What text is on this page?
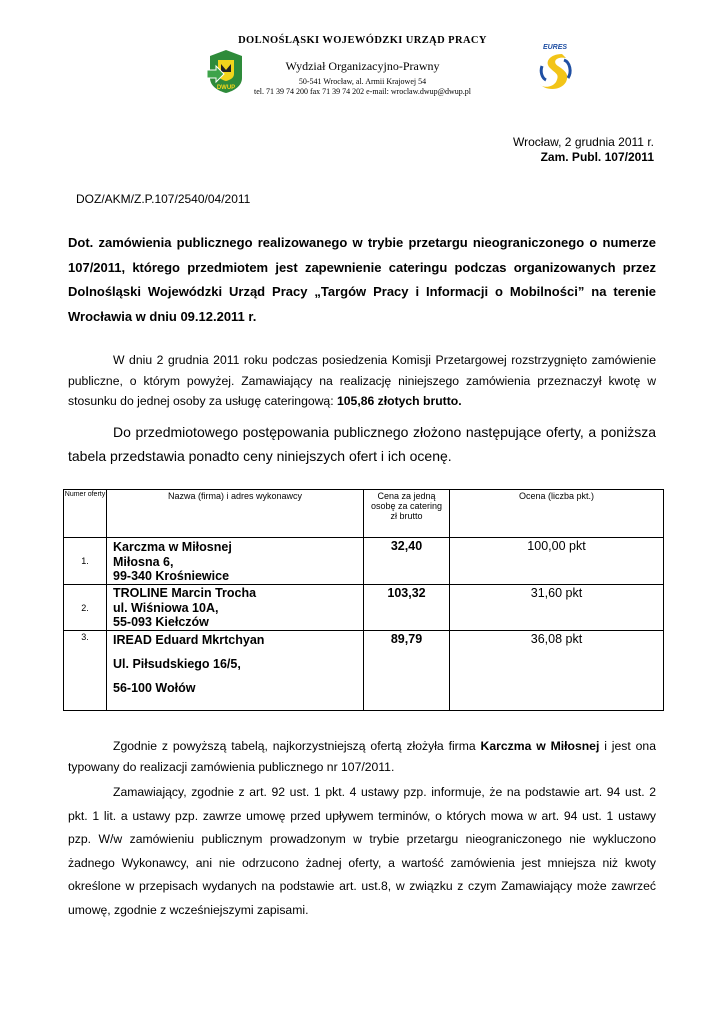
DOLNOŚLĄSKI WOJEWÓDZKI URZĄD PRACY
DWUP
Wydział Organizacyjno-Prawny
50-541 Wrocław, al. Armii Krajowej 54
tel. 71 39 74 200 fax 71 39 74 202 e-mail: wroclaw.dwup@dwup.pl
EURES
Wrocław, 2 grudnia 2011 r.
Zam. Publ. 107/2011
DOZ/AKM/Z.P.107/2540/04/2011
Dot. zamówienia publicznego realizowanego w trybie przetargu nieograniczonego o numerze 107/2011, którego przedmiotem jest zapewnienie cateringu podczas organizowanych przez Dolnośląski Wojewódzki Urząd Pracy „Targów Pracy i Informacji o Mobilności” na terenie Wrocławia w dniu 09.12.2011 r.
W dniu 2 grudnia 2011 roku podczas posiedzenia Komisji Przetargowej rozstrzygnięto zamówienie publiczne, o którym powyżej. Zamawiający na realizację niniejszego zamówienia przeznaczył kwotę w stosunku do jednej osoby za usługę cateringową: 105,86 złotych brutto.
Do przedmiotowego postępowania publicznego złożono następujące oferty, a poniższa tabela przedstawia ponadto ceny niniejszych ofert i ich ocenę.
Numer oferty	Nazwa (firma) i adres wykonawcy	Cena za jedną osobę za catering zł brutto	Ocena (liczba pkt.)
1.	Karczma w Miłosnej
Miłosna 6,
99-340 Krośniewice	32,40	100,00 pkt
2.	TROLINE Marcin Trocha
ul. Wiśniowa 10A,
55-093 Kiełczów	103,32	31,60 pkt
3.	IREAD Eduard Mkrtchyan
Ul. Piłsudskiego 16/5,
56-100 Wołów	89,79	36,08 pkt
Zgodnie z powyższą tabelą, najkorzystniejszą ofertą złożyła firma Karczma w Miłosnej i jest ona typowany do realizacji zamówienia publicznego nr 107/2011.
Zamawiający, zgodnie z art. 92 ust. 1 pkt. 4 ustawy pzp. informuje, że na podstawie art. 94 ust. 2 pkt. 1 lit. a ustawy pzp. zawrze umowę przed upływem terminów, o których mowa w art. 94 ust. 1 ustawy pzp. W/w zamówieniu publicznym prowadzonym w trybie przetargu nieograniczonego nie wykluczono żadnego Wykonawcy, ani nie odrzucono żadnej oferty, a wartość zamówienia jest mniejsza niż kwoty określone w przepisach wydanych na podstawie art. ust.8, w związku z czym Zamawiający może zawrzeć umowę, zgodnie z wcześniejszymi zapisami.
